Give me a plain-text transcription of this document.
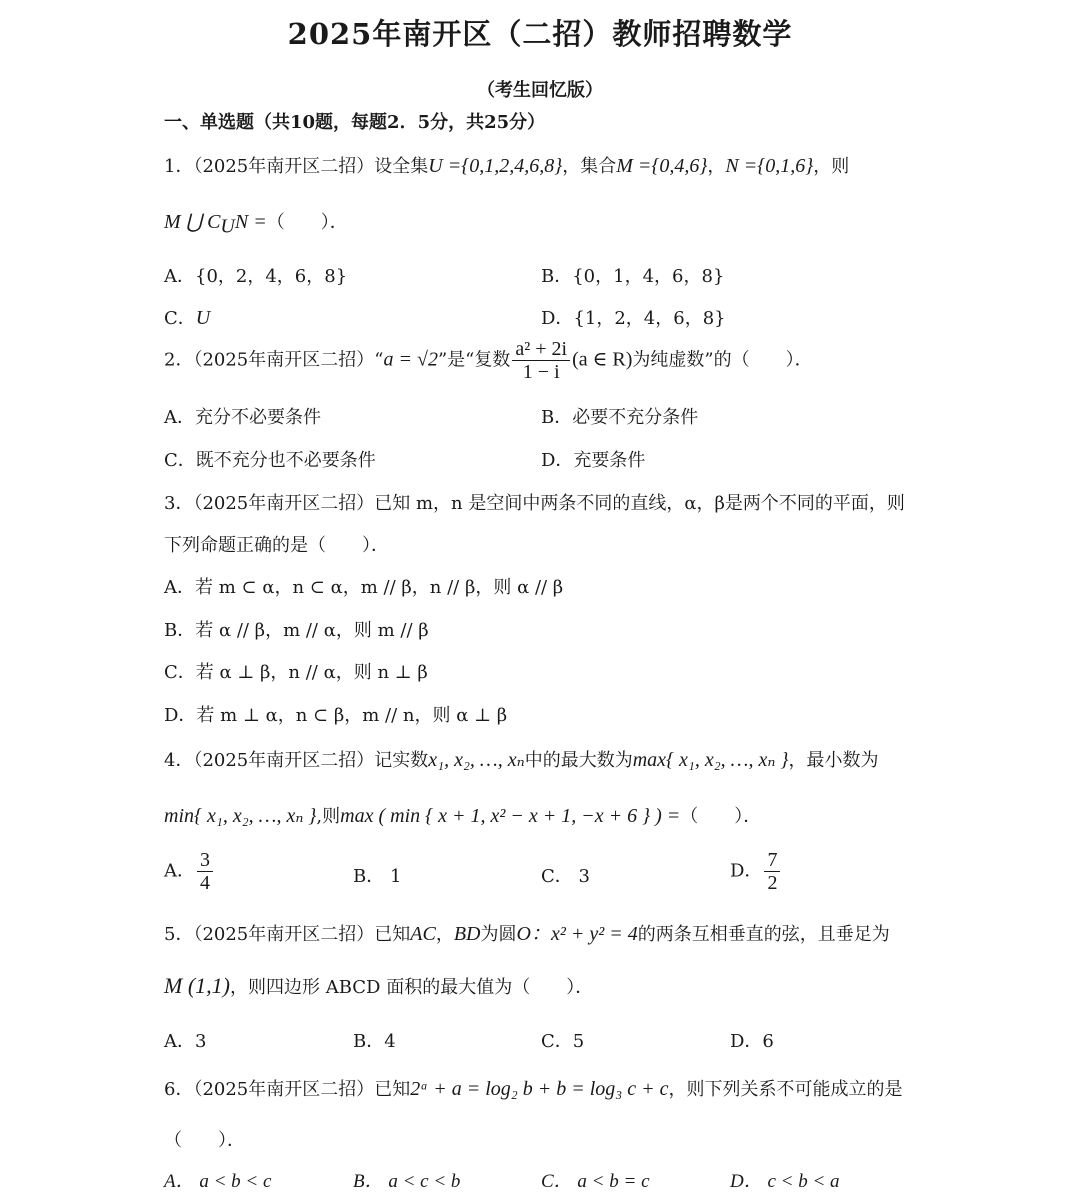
2025年南开区（二招）教师招聘数学
（考生回忆版）
一、单选题（共10题，每题2．5分，共25分）
1．（2025年南开区二招）设全集U ={0,1,2,4,6,8}，集合M ={0,4,6}，N ={0,1,6}，则
M ⋃ $C_UN$ =（　　）．
A．{0，2，4，6，8}	B．{0，1，4，6，8}
C．U	D．{1，2，4，6，8}
2．（2025年南开区二招）“a = √2”是“复数 $\frac{\text{a² + 2i}}{1 - i} (a$ ∈ R)为纯虚数”的（　　）．
A．充分不必要条件	B．必要不充分条件
C．既不充分也不必要条件	D．充要条件
3．（2025年南开区二招）已知 m，n 是空间中两条不同的直线，α，β是两个不同的平面，则
下列命题正确的是（　　）．
A．若 m ⊂ α，n ⊂ α，m // β，n // β，则 α // β
B．若 α // β，m // α，则 m // β
C．若 α ⊥ β，n // α，则 n ⊥ β
D．若 m ⊥ α，n ⊂ β，m // n，则 α ⊥ β
4．（2025年南开区二招）记实数x₁, x₂, …, xₙ中的最大数为max{ x₁, x₂, …, xₙ }，最小数为
min{ x₁, x₂, …, xₙ },则max ( min { x + 1, x² − x + 1, −x + 6 } ) =（　　）．
A． $\frac{3}{4}$	B． 1	C． 3	D． $\frac{7}{2}$
5．（2025年南开区二招）已知AC，BD为圆O：x² + y² = 4的两条互相垂直的弦，且垂足为
M (1,1)，则四边形 ABCD 面积的最大值为（　　）．
A．3	B．4	C．5	D．6
6．（2025年南开区二招）已知2ᵃ + a = log₂ b + b = log₃ c + c，则下列关系不可能成立的是
（　　）．
A． a < b < c	B． a < c < b	C． a < b = c	D． c < b < a
